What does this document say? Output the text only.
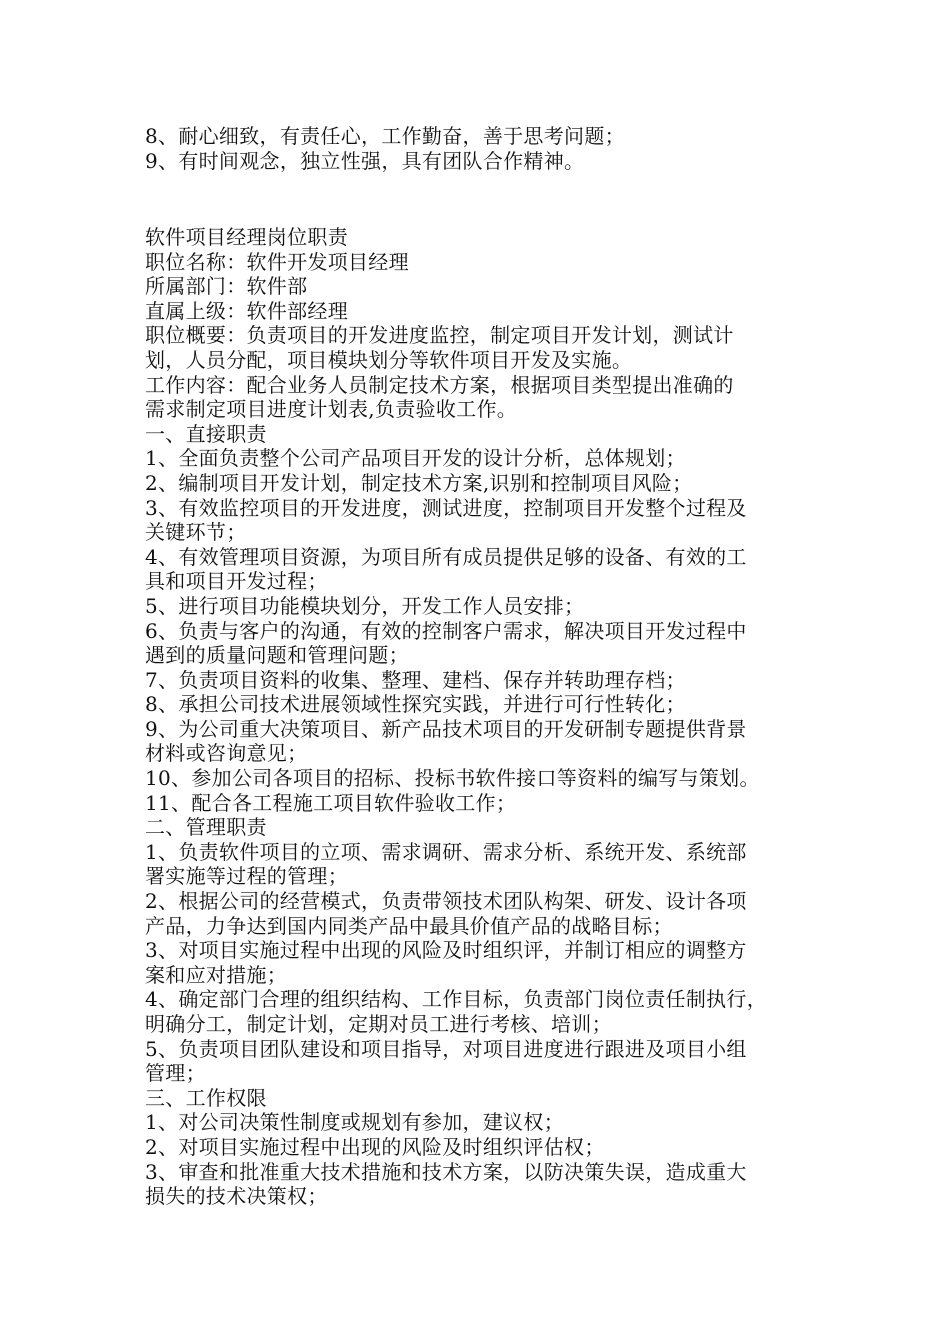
8、耐心细致，有责任心，工作勤奋，善于思考问题；

9、有时间观念，独立性强，具有团队合作精神。

软件项目经理岗位职责

职位名称：软件开发项目经理

所属部门：软件部

直属上级：软件部经理

职位概要：负责项目的开发进度监控，制定项目开发计划，测试计

划，人员分配，项目模块划分等软件项目开发及实施。

工作内容：配合业务人员制定技术方案，根据项目类型提出准确的

需求制定项目进度计划表,负责验收工作。

一、直接职责

1、全面负责整个公司产品项目开发的设计分析，总体规划；

2、编制项目开发计划，制定技术方案,识别和控制项目风险；

3、有效监控项目的开发进度，测试进度，控制项目开发整个过程及

关键环节；

4、有效管理项目资源，为项目所有成员提供足够的设备、有效的工

具和项目开发过程；

5、进行项目功能模块划分，开发工作人员安排；

6、负责与客户的沟通，有效的控制客户需求，解决项目开发过程中

遇到的质量问题和管理问题；

7、负责项目资料的收集、整理、建档、保存并转助理存档；

8、承担公司技术进展领域性探究实践，并进行可行性转化；

9、为公司重大决策项目、新产品技术项目的开发研制专题提供背景

材料或咨询意见；

10、参加公司各项目的招标、投标书软件接口等资料的编写与策划。

11、配合各工程施工项目软件验收工作；

二、管理职责

1、负责软件项目的立项、需求调研、需求分析、系统开发、系统部

署实施等过程的管理；

2、根据公司的经营模式，负责带领技术团队构架、研发、设计各项

产品，力争达到国内同类产品中最具价值产品的战略目标；

3、对项目实施过程中出现的风险及时组织评，并制订相应的调整方

案和应对措施；

4、确定部门合理的组织结构、工作目标，负责部门岗位责任制执行，

明确分工，制定计划，定期对员工进行考核、培训；

5、负责项目团队建设和项目指导，对项目进度进行跟进及项目小组

管理；

三、工作权限

1、对公司决策性制度或规划有参加，建议权；

2、对项目实施过程中出现的风险及时组织评估权；

3、审查和批准重大技术措施和技术方案，以防决策失误，造成重大

损失的技术决策权；
